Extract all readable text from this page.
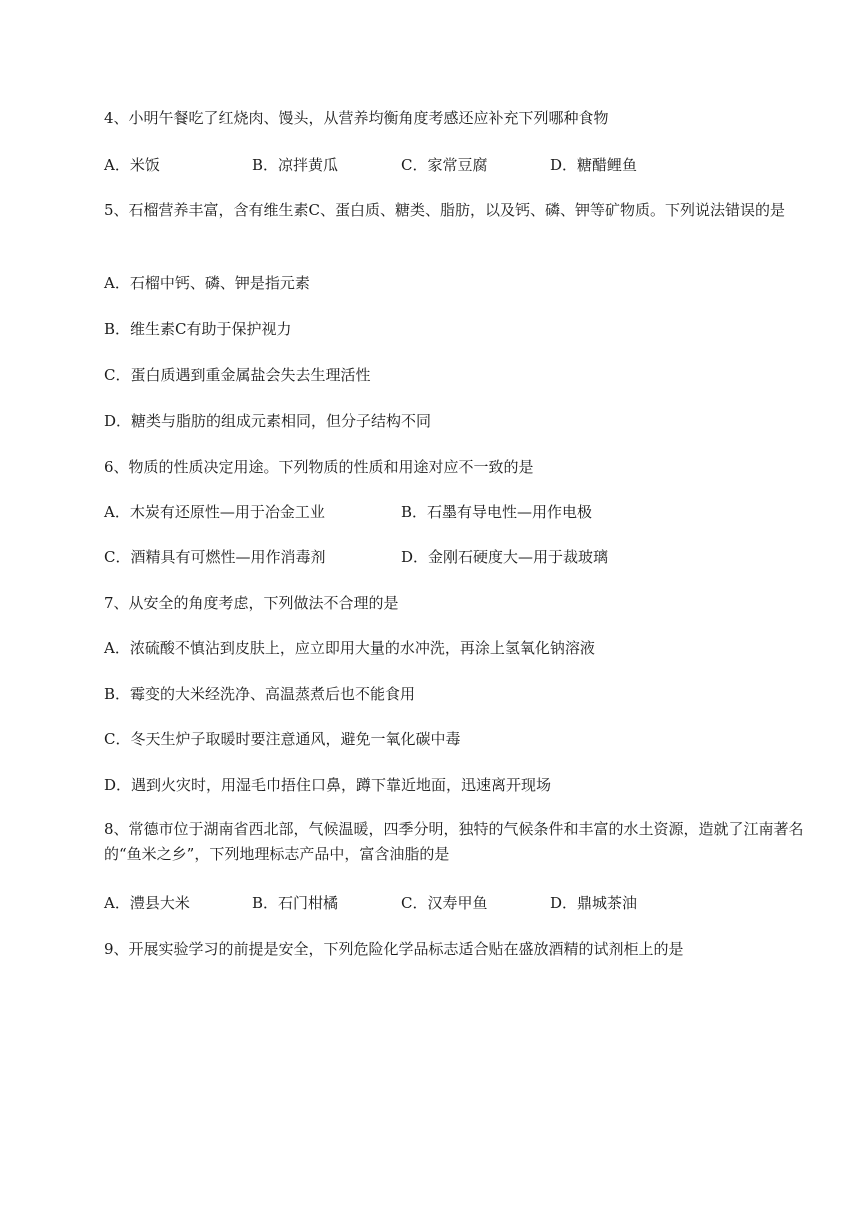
4、小明午餐吃了红烧肉、馒头，从营养均衡角度考感还应补充下列哪种食物
A．米饭	B．凉拌黄瓜	C．家常豆腐	D．糖醋鲤鱼
5、石榴营养丰富，含有维生素C、蛋白质、糖类、脂肪，以及钙、磷、钾等矿物质。下列说法错误的是
A．石榴中钙、磷、钾是指元素
B．维生素C有助于保护视力
C．蛋白质遇到重金属盐会失去生理活性
D．糖类与脂肪的组成元素相同，但分子结构不同
6、物质的性质决定用途。下列物质的性质和用途对应不一致的是
A．木炭有还原性—用于冶金工业	B．石墨有导电性—用作电极
C．酒精具有可燃性—用作消毒剂	D．金刚石硬度大—用于裁玻璃
7、从安全的角度考虑，下列做法不合理的是
A．浓硫酸不慎沾到皮肤上，应立即用大量的水冲洗，再涂上氢氧化钠溶液
B．霉变的大米经洗净、高温蒸煮后也不能食用
C．冬天生炉子取暖时要注意通风，避免一氧化碳中毒
D．遇到火灾时，用湿毛巾捂住口鼻，蹲下靠近地面，迅速离开现场
8、常德市位于湖南省西北部，气候温暖，四季分明，独特的气候条件和丰富的水土资源，造就了江南著名的“鱼米之乡”，下列地理标志产品中，富含油脂的是
A．澧县大米	B．石门柑橘	C．汉寿甲鱼	D．鼎城茶油
9、开展实验学习的前提是安全，下列危险化学品标志适合贴在盛放酒精的试剂柜上的是
